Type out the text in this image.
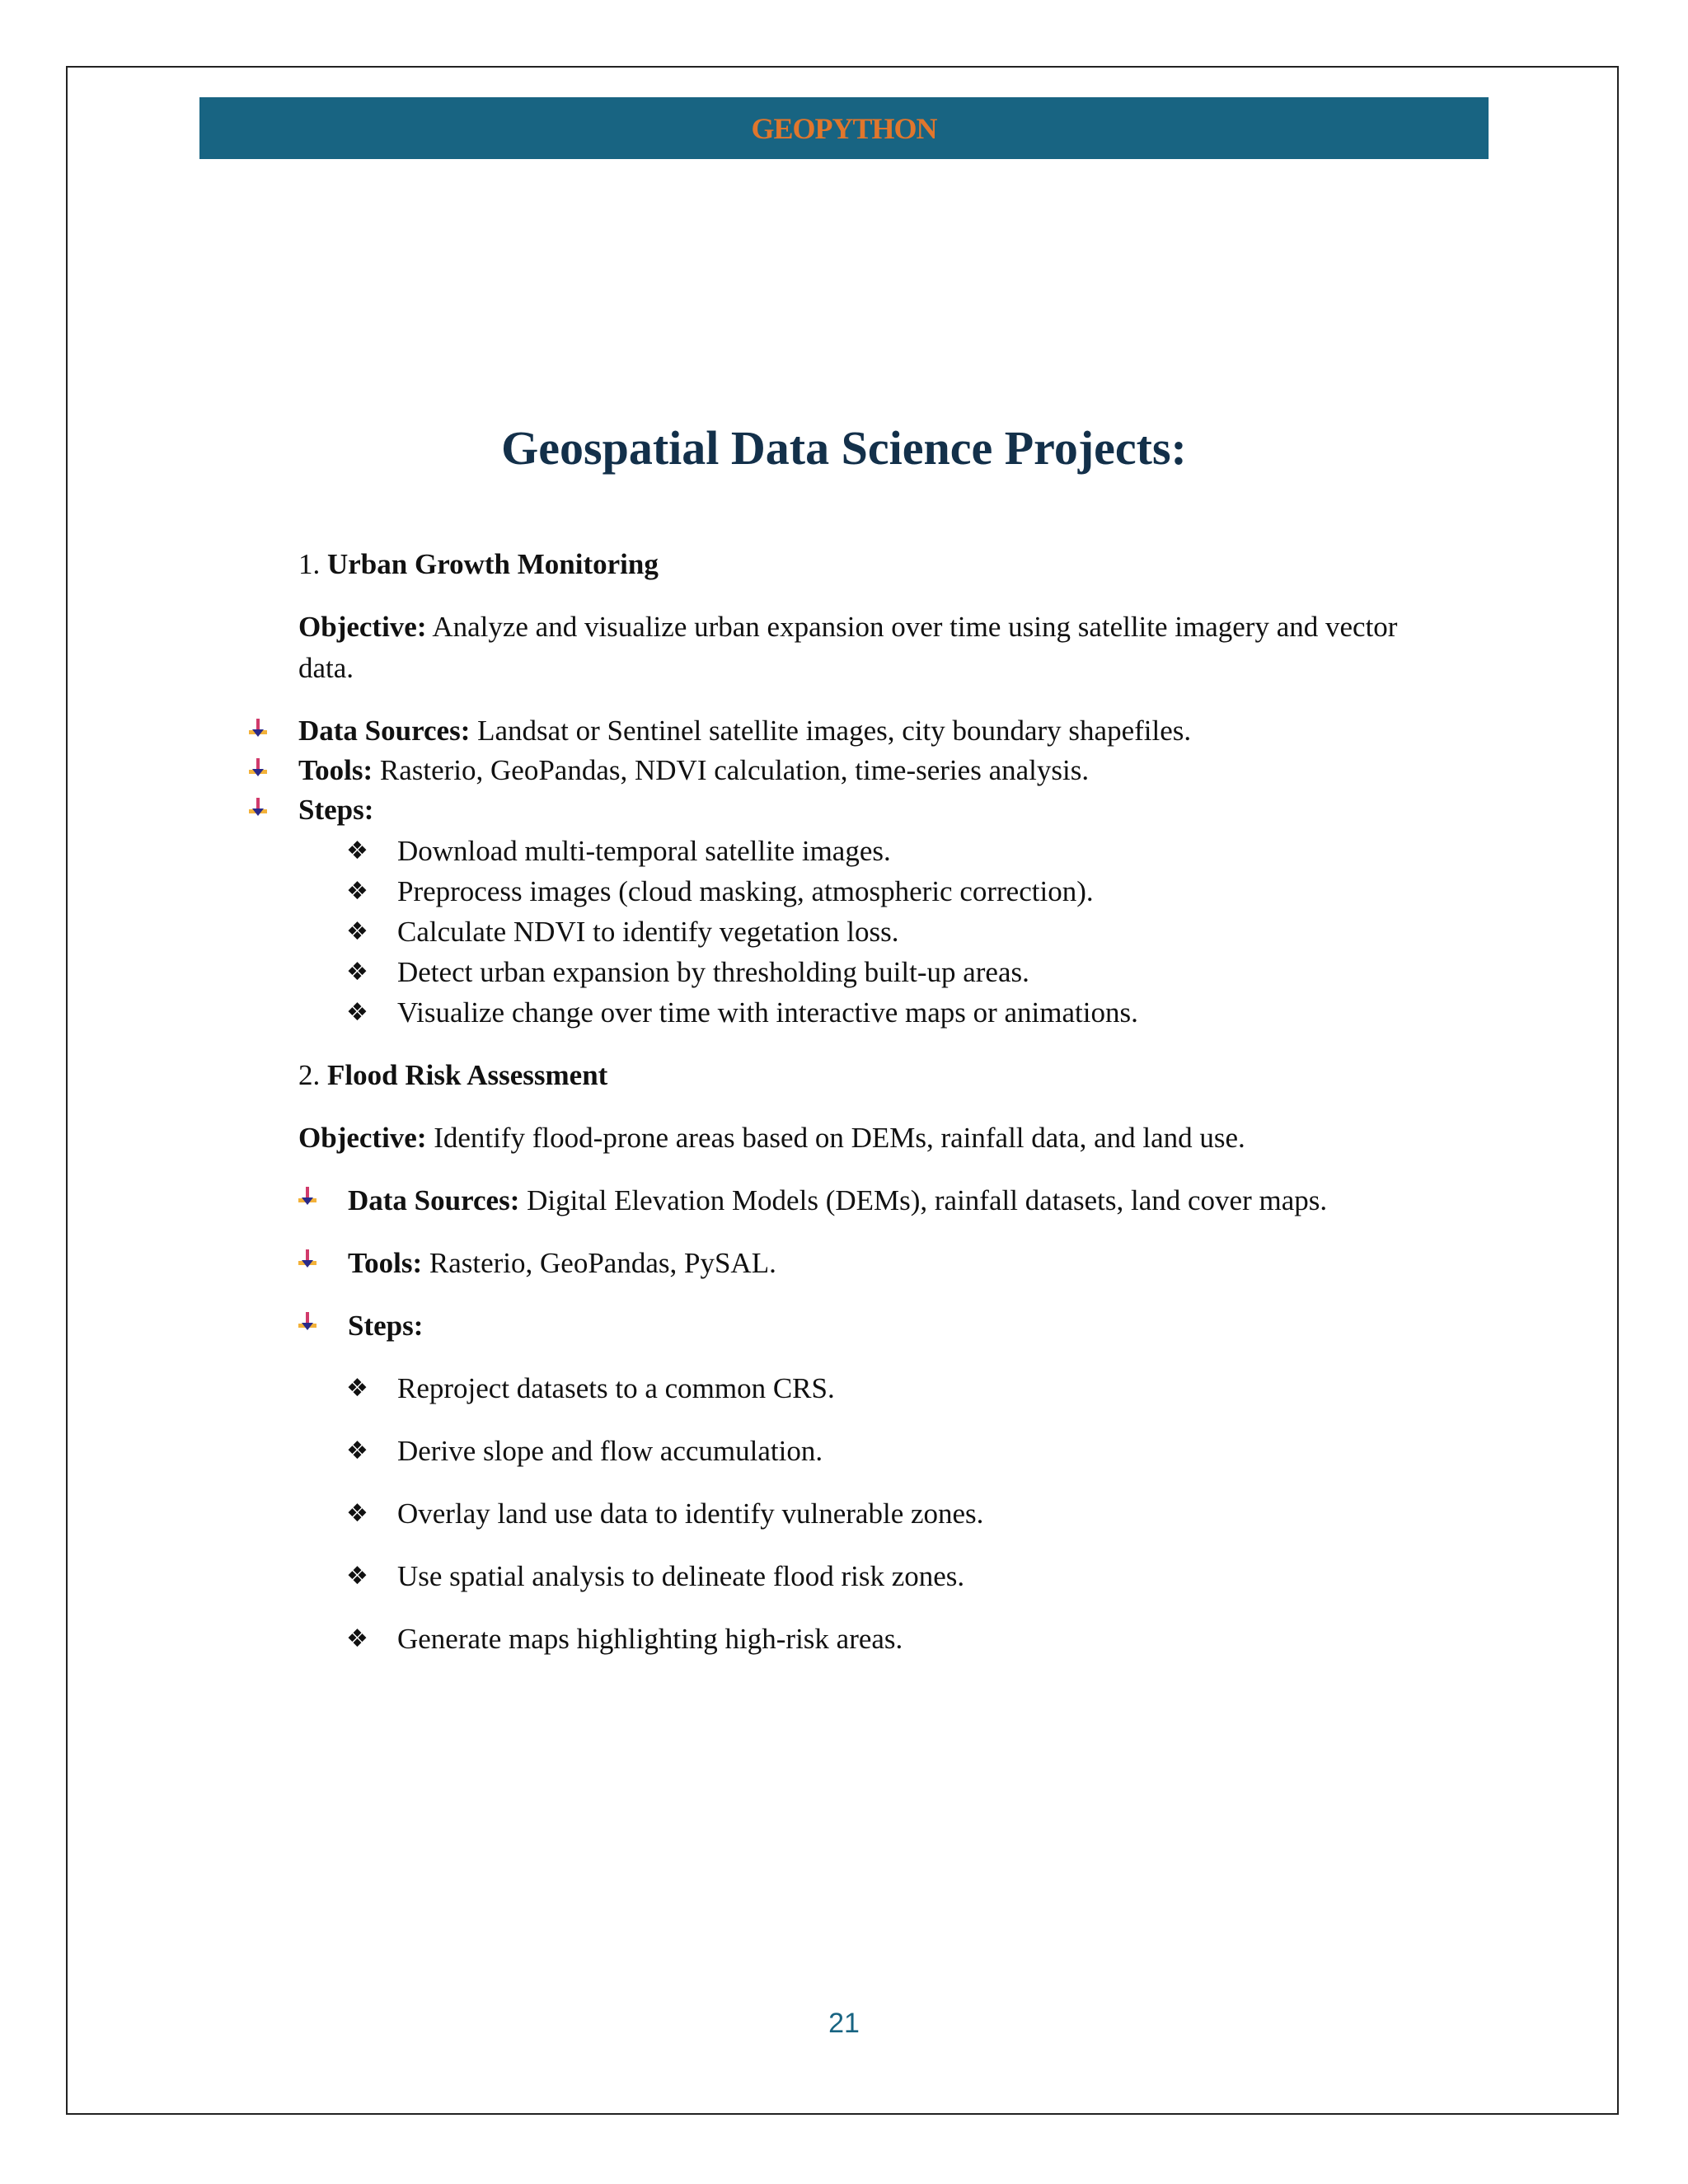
GEOPYTHON
Geospatial Data Science Projects:
1. Urban Growth Monitoring
Objective: Analyze and visualize urban expansion over time using satellite imagery and vector
data.
Data Sources: Landsat or Sentinel satellite images, city boundary shapefiles.
Tools: Rasterio, GeoPandas, NDVI calculation, time-series analysis.
Steps:
❖ Download multi-temporal satellite images.
❖ Preprocess images (cloud masking, atmospheric correction).
❖ Calculate NDVI to identify vegetation loss.
❖ Detect urban expansion by thresholding built-up areas.
❖ Visualize change over time with interactive maps or animations.
2. Flood Risk Assessment
Objective: Identify flood-prone areas based on DEMs, rainfall data, and land use.
Data Sources: Digital Elevation Models (DEMs), rainfall datasets, land cover maps.
Tools: Rasterio, GeoPandas, PySAL.
Steps:
❖ Reproject datasets to a common CRS.
❖ Derive slope and flow accumulation.
❖ Overlay land use data to identify vulnerable zones.
❖ Use spatial analysis to delineate flood risk zones.
❖ Generate maps highlighting high-risk areas.
21
